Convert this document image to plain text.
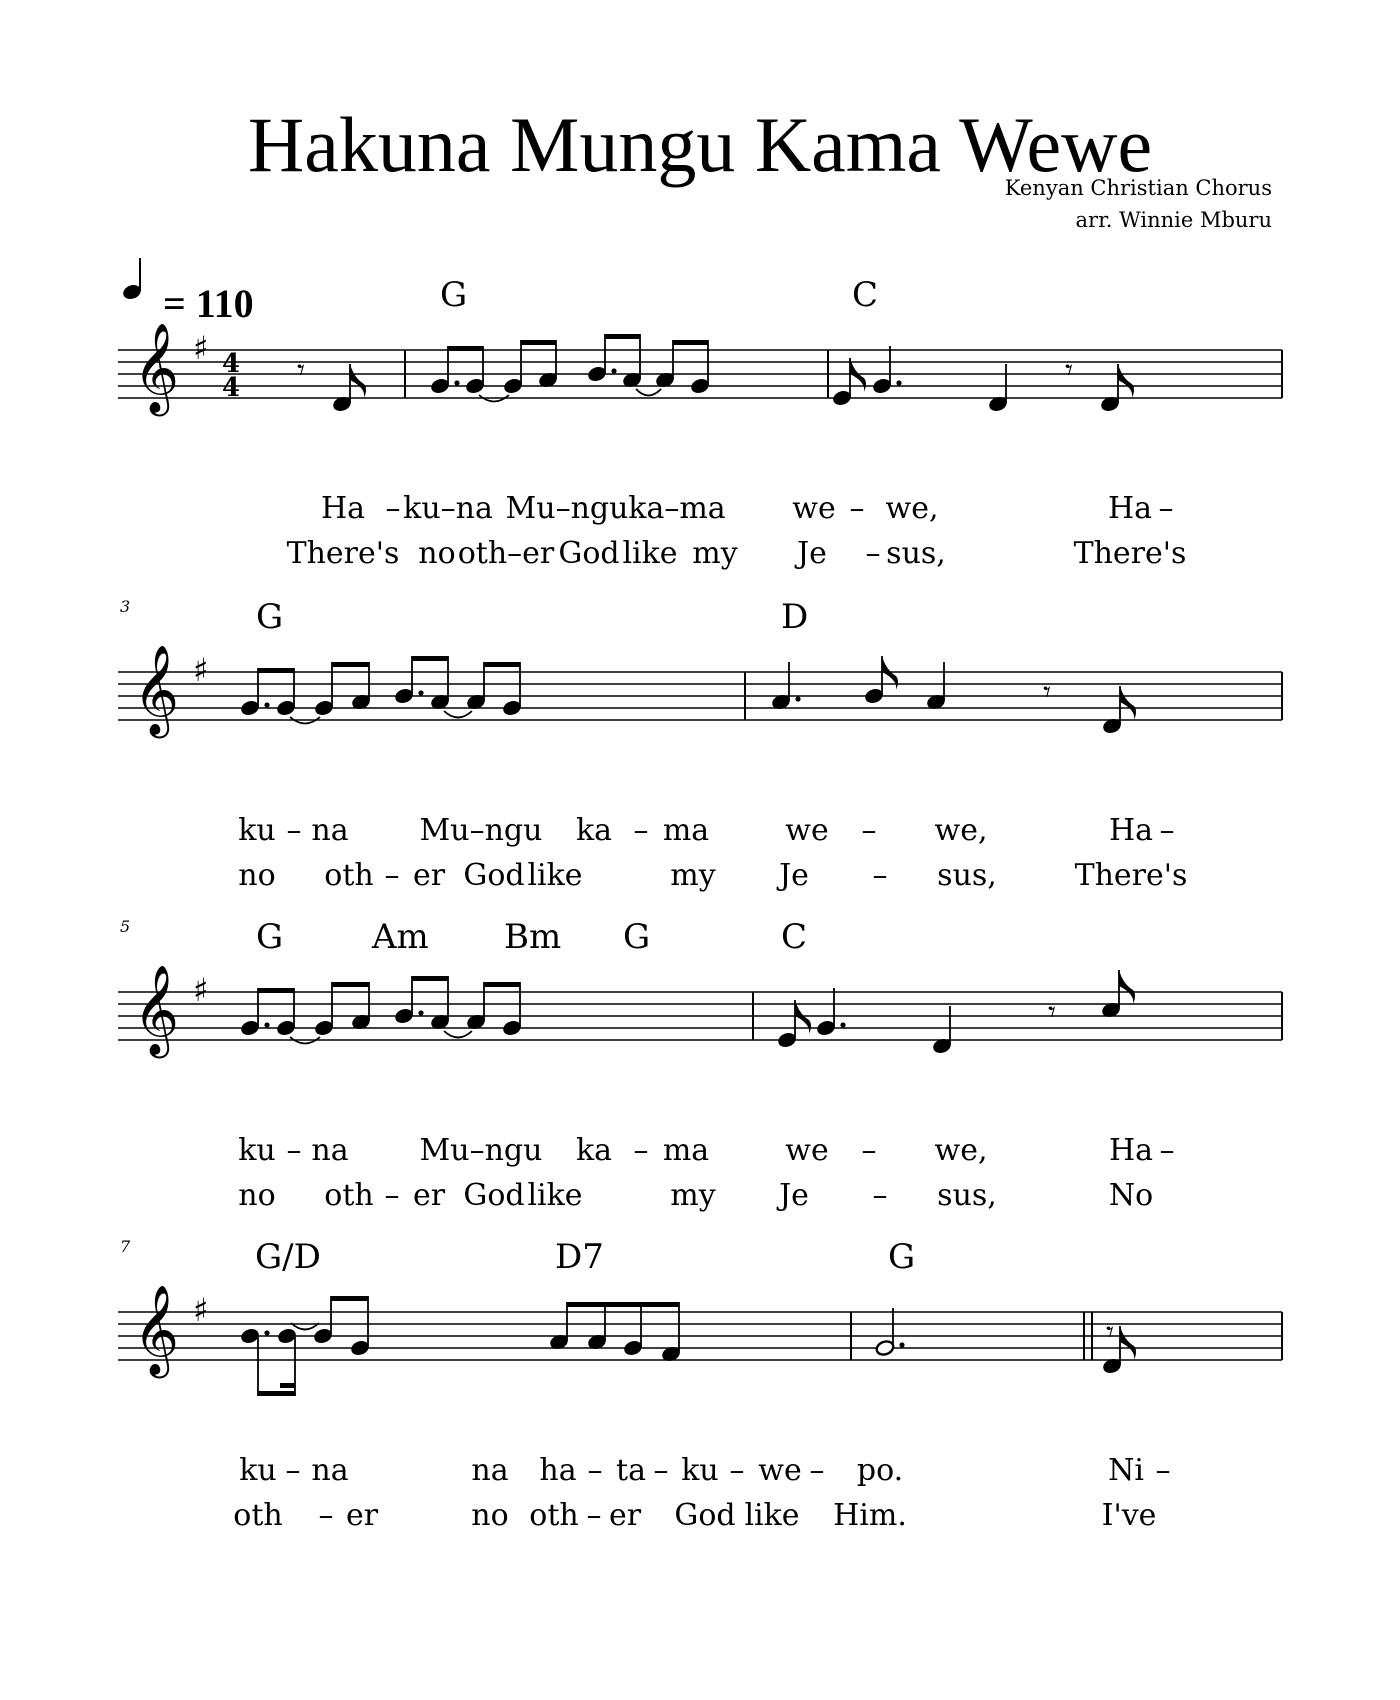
Hakuna Mungu Kama Wewe
Kenyan Christian Chorus
arr. Winnie Mburu
= 110
𝄞 ♯ 4
4 𝄾	𝄾
G	C
Ha – ku–na Mu–ngu ka–ma we – we,	Ha –
There's no oth–er God like my Je – sus,	There's
𝄞 ♯
3
𝄾
G	D
ku – na Mu–ngu ka – ma	we – we,	Ha –
no oth – er God like	my Je – sus,	There's
𝄞 ♯
5
𝄾
G	Am Bm G	C
ku – na Mu–ngu ka – ma	we – we,	Ha –
no oth – er God like	my Je – sus,	No
𝄞 ♯
7
𝄾
G/D	D7	G
ku – na	na ha – ta – ku – we – po.	Ni –
oth – er	no oth – er God like Him.	I've
